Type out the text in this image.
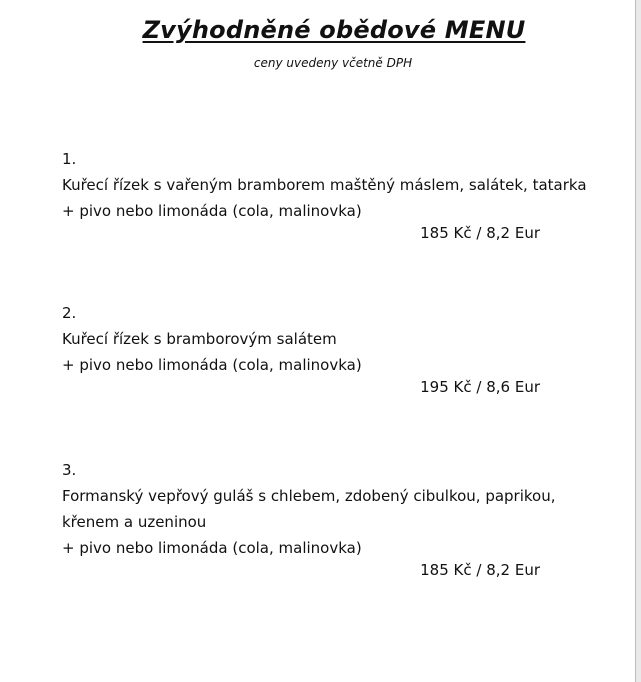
Zvýhodněné obědové MENU
ceny uvedeny včetně DPH
1.
Kuřecí řízek s vařeným bramborem maštěný máslem, salátek, tatarka
+ pivo nebo limonáda (cola, malinovka)
185 Kč / 8,2 Eur
2.
Kuřecí řízek s bramborovým salátem
+ pivo nebo limonáda (cola, malinovka)
195 Kč / 8,6 Eur
3.
Formanský vepřový guláš s chlebem, zdobený cibulkou, paprikou,
křenem a uzeninou
+ pivo nebo limonáda (cola, malinovka)
185 Kč / 8,2 Eur
